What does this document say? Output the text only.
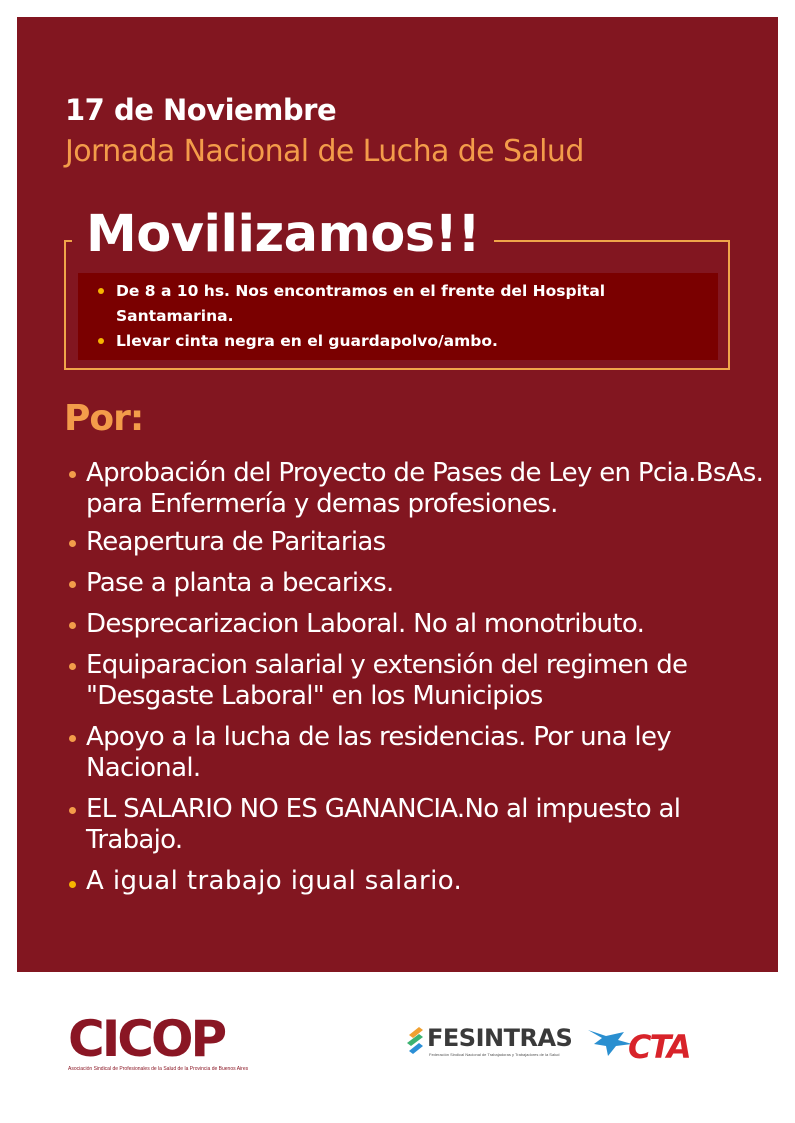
17 de Noviembre
Jornada Nacional de Lucha de Salud
Movilizamos!!
De 8 a 10 hs. Nos encontramos en el frente del Hospital Santamarina.
Llevar cinta negra en el guardapolvo/ambo.
Por:
Aprobación del Proyecto de Pases de Ley en Pcia.BsAs. para Enfermería y demas profesiones.
Reapertura de Paritarias
Pase a planta a becarixs.
Desprecarizacion Laboral. No al monotributo.
Equiparacion salarial y extensión del regimen de "Desgaste Laboral" en los Municipios
Apoyo a la lucha de las residencias. Por una ley Nacional.
EL SALARIO NO ES GANANCIA.No al impuesto al Trabajo.
A igual trabajo igual salario.
CICOP
Asociación Sindical de Profesionales de la Salud de la Provincia de Buenos Aires
FESINTRAS
Federación Sindical Nacional de Trabajadoras y Trabajadores de la Salud	CTA
